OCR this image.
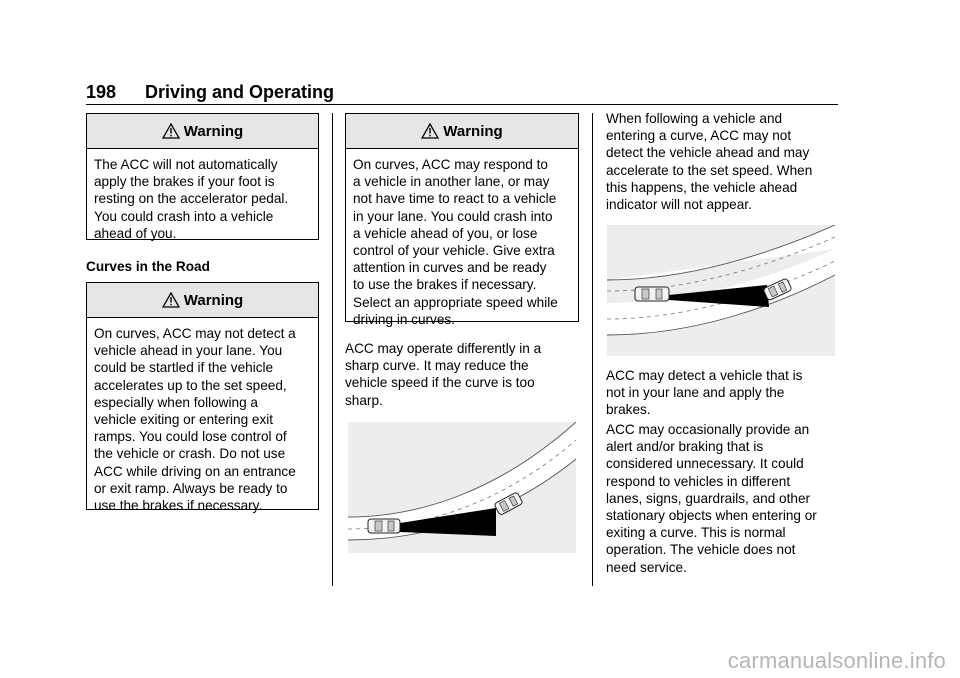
198 Driving and Operating
Warning
The ACC will not automatically
apply the brakes if your foot is
resting on the accelerator pedal.
You could crash into a vehicle
ahead of you.
Curves in the Road
Warning
On curves, ACC may not detect a
vehicle ahead in your lane. You
could be startled if the vehicle
accelerates up to the set speed,
especially when following a
vehicle exiting or entering exit
ramps. You could lose control of
the vehicle or crash. Do not use
ACC while driving on an entrance
or exit ramp. Always be ready to
use the brakes if necessary.
Warning
On curves, ACC may respond to
a vehicle in another lane, or may
not have time to react to a vehicle
in your lane. You could crash into
a vehicle ahead of you, or lose
control of your vehicle. Give extra
attention in curves and be ready
to use the brakes if necessary.
Select an appropriate speed while
driving in curves.
ACC may operate differently in a
sharp curve. It may reduce the
vehicle speed if the curve is too
sharp.
When following a vehicle and
entering a curve, ACC may not
detect the vehicle ahead and may
accelerate to the set speed. When
this happens, the vehicle ahead
indicator will not appear.
ACC may detect a vehicle that is
not in your lane and apply the
brakes.
ACC may occasionally provide an
alert and/or braking that is
considered unnecessary. It could
respond to vehicles in different
lanes, signs, guardrails, and other
stationary objects when entering or
exiting a curve. This is normal
operation. The vehicle does not
need service.
carmanualsonline.info
